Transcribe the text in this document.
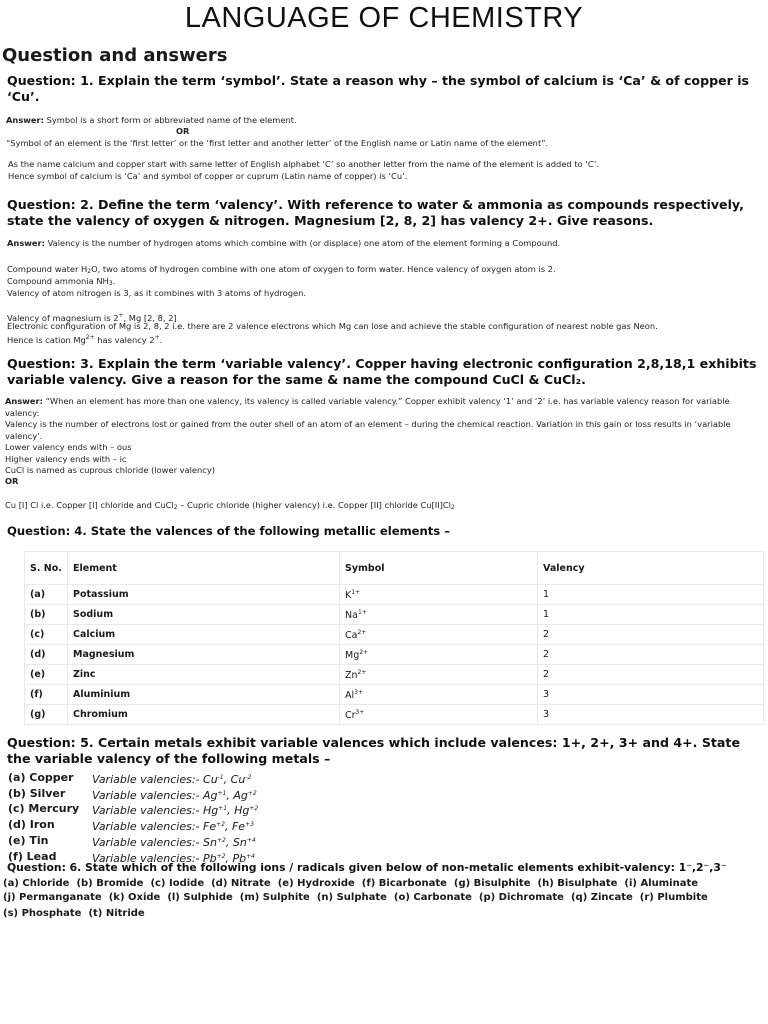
LANGUAGE OF CHEMISTRY
Question and answers
Question: 1. Explain the term ‘symbol’. State a reason why – the symbol of calcium is ‘Ca’ & of copper is ‘Cu’.
Answer: Symbol is a short form or abbreviated name of the element.
OR
“Symbol of an element is the ‘first letter’ or the ‘first letter and another letter’ of the English name or Latin name of the element”.
As the name calcium and copper start with same letter of English alphabet ‘C’ so another letter from the name of the element is added to ‘C’.
Hence symbol of calcium is ‘Ca’ and symbol of copper or cuprum (Latin name of copper) is ‘Cu’.
Question: 2. Define the term ‘valency’. With reference to water & ammonia as compounds respectively, state the valency of oxygen & nitrogen. Magnesium [2, 8, 2] has valency 2+. Give reasons.
Answer: Valency is the number of hydrogen atoms which combine with (or displace) one atom of the element forming a Compound.
Compound water H2O, two atoms of hydrogen combine with one atom of oxygen to form water. Hence valency of oxygen atom is 2.
Compound ammonia NH3.
Valency of atom nitrogen is 3, as it combines with 3 atoms of hydrogen.
Valency of magnesium is 2+, Mg [2, 8, 2]
Electronic configuration of Mg is 2, 8, 2 i.e. there are 2 valence electrons which Mg can lose and achieve the stable configuration of nearest noble gas Neon.
Hence is cation $Mg^{2+}$ has valency 2+.
Question: 3. Explain the term ‘variable valency’. Copper having electronic configuration 2,8,18,1 exhibits variable valency. Give a reason for the same & name the compound CuCl & CuCl₂.
Answer: “When an element has more than one valency, its valency is called variable valency.” Copper exhibit valency ‘1’ and ‘2’ i.e. has variable valency reason for variable valency:
Valency is the number of electrons lost or gained from the outer shell of an atom of an element – during the chemical reaction. Variation in this gain or loss results in ‘variable valency’.
Lower valency ends with – ous
Higher valency ends with – ic
CuCl is named as cuprous chloride (lower valency)
OR
Cu [I] Cl i.e. Copper [I] chloride and CuCl2 – Cupric chloride (higher valency) i.e. Copper [II] chloride Cu[II]Cl2
Question: 4. State the valences of the following metallic elements –
S. No.	Element	Symbol	Valency
(a)	Potassium	$K^{1+}$	1
(b)	Sodium	$Na^{1+}$	1
(c)	Calcium	$Ca^{2+}$	2
(d)	Magnesium	$Mg^{2+}$	2
(e)	Zinc	$Zn^{2+}$	2
(f)	Aluminium	$Al^{3+}$	3
(g)	Chromium	$Cr^{3+}$	3
Question: 5. Certain metals exhibit variable valences which include valences: 1+, 2+, 3+ and 4+. State the variable valency of the following metals –
(a) Copper	Variable valencies:- $Cu^{-1}$, $Cu^{-2}$
(b) Silver	Variable valencies:- $Ag^{+1}$, $Ag^{+2}$
(c) Mercury	Variable valencies:- $Hg^{+1}$, $Hg^{+2}$
(d) Iron	Variable valencies:- $Fe^{+2}$, $Fe^{+3}$
(e) Tin	Variable valencies:- $Sn^{+2}$, $Sn^{+4}$
(f) Lead	Variable valencies:- $Pb^{+2}$, $Pb^{+4}$
Question: 6. State which of the following ions / radicals given below of non-metalic elements exhibit-valency: 1⁻,2⁻,3⁻
(a) Chloride (b) Bromide (c) Iodide (d) Nitrate (e) Hydroxide (f) Bicarbonate (g) Bisulphite (h) Bisulphate (i) Aluminate
(j) Permanganate (k) Oxide (l) Sulphide (m) Sulphite (n) Sulphate (o) Carbonate (p) Dichromate (q) Zincate (r) Plumbite
(s) Phosphate (t) Nitride
